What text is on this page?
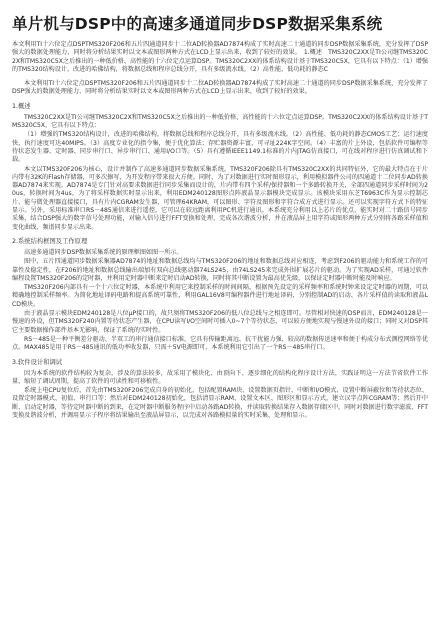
单片机与DSP中的高速多通道同步DSP数据采集系统

本文利用TI十六位定点DSPTMS320F206和五片四通道同步十二位AD转换器AD7874构成了实时高速二十通道的同步DSP数据采集系统，充分发挥了DSP强大的数据处理能力，同时将分析结果实时以文本或图形两种方式在LCD上显示出来，收到了较好的效果。　1.概述　TMS320C2XX是TI公司继TMS320C2X和TMS320C5X之后推出的一种低价格、高性能的十六位定点运算DSP。TMS320C2XX的体系结构设计基于TMS320C5X，它具有以下特点：（1）增强的TMS320结构设计，改进的哈佛结构，将数据总线和程序总线分开，具有多级流水线。（2）高性能、低功耗的静态C

本文利用TI十六位定点DSPTMS320F206和五片四通道同步十二位AD转换器AD7874构成了实时高速二十通道的同步DSP数据采集系统，充分发挥了DSP强大的数据处理能力，同时将分析结果实时以文本或图形两种方式在LCD上显示出来，收到了较好的效果。

1.概述

TMS320C2XX是TI公司继TMS320C2X和TMS320C5X之后推出的一种低价格、高性能的十六位定点运算DSP。TMS320C2XX的体系结构设计基于TMS320C5X，它具有以下特点：

（1）增强的TMS320结构设计，改进的哈佛结构，将数据总线和程序总线分开，具有多级流水线。（2）高性能、低功耗的静态CMOS工艺；运行速度快，执行速度可达40MIPS。（3）高度专业化的指令集，便于优化算法；存贮器资源丰富，可寻址224K字空间。（4）丰富的片上外设，包括软件可编程等待状态发生器、定时器、同步串行口、异步串行口、通用I/O口等。（5）具有遵循IEEE1149.1标准的片内JTAG仿真接口，可在线对程序进行仿真调试和下载。

本文以TMS320F206为核心，设计并制作了高速多通道同步数据采集系统。TMS320F206除具有TMS320C2XX的共同特征外，它的最大特点在于片内带有32K的Flash存储器，可多次擦写，为开发程序带来很大方便。同时，为了对数据进行实时图形显示，利用模拟器件公司的四通道十二位同步AD转换器AD7874来实现。AD7874是专门针对高要求数据进行同步采集而设计的，片内带有四个采样/保持器和一个多路转换开关，全部四通道同步采样时间为20us，转换时间为4us，为了将采样数据实时显示出来，利用EDM240128图形点阵液晶显示器模块完成显示。该模块采用东芝T6963C作为显示控制芯片，能与微处理器直接接口，具有片内CGRAM发生器，可管理64KRAM，可以图形、字符及图形和字符合成方式进行显示。还可以实现字符方式下的特征显示。另外，采用标准串口RS－485通信来进行遥控，它可以在较远距离利用PC机进行通讯。本系统充分利用以上芯片的优点，能实时对二十路信号同步采集，结合DSP强大的数字信号处理功能，对输入信号进行FFT变换和处理，完成各次谐波分析，并在液晶屏上用字符或图形两种方式分别将各路采样值和变化曲线、频谱同步显示出来。

2.系统结构框图及工作原理

高速多通道同步DSP数据采集系统的原理框图如图一所示。

图中，五片四通道同步数据采集器AD7874的地址和数据总线均与TMS320F206的地址和数据总线对应相连，考虑到F206的驱动能力和系统工作的可靠性及稳定性，在F206的地址和数据总线输出端加有双向总线驱动器74LS245，由74LS245来完成外围扩展芯片的驱动。为了实现AD采样，可通过软件编程设置TMS320F206的定时器，并利用定时器中断来定时启动AD转换，同时将其中断设置为最高优先级，以保证定时器中断时能及时响应。

TMS320F206内部具有一个十六位定时器，本系统中利用它来控制采样的时间间隔，根据预先设定的采样频率和系统时钟来设定定时器的周期，可以精确地控制采样频率。为简化地址译码电路和提高系统可靠性，利用GAL16V8可编程器件进行地址译码，分别控制AD的启动、各片采样值的读取和液晶LCD模块。

由于液晶显示模块EDM240128是八位μP接口的，故只须将TMS320F206的低八位总线与之相连即可。尽管相对快速的DSP而言，EDM240128是一慢速的外设，但TMS320F240内置等待状态产生器，在CPU读写I/O空间时可插入0~7个等待状态，可以较方便地实现与慢速外设的接口；同时又对DSP其它主要数据操作部件基本无影响，保证了系统的实时性。

RS－485是一种平衡差分驱动、半双工的串行通信接口标准，它具有传输距离远、抗干扰能力强、较高的数据传送速率和便于构成分布式测控网络等优点。MAX485是用于RS－485通讯的低功率收发器，只需＋5V电源即可，本系统利用它引出了一个RS－485串行口。

3.软件设计和调试

因为本系统的软件结构较为复杂，涉及的算法较多，故采用了模块化、由顶向下、逐步细化的结构化程序设计方法，实践证明这一方法节省软件工作量，缩短了调试周期，提高了软件的可读性和可移植性。

系统上电CPU复位后，首先由TMS320F206完成自身的初始化，包括配置RAM块、设置数据页指针、中断和I/O模式、设置中断屏蔽位和等待状态位、设置定时器模式、初值、串行口等；然后对EDM240128初始化，包括清显示RAM、设置文本区、图形区和显示方式，建立汉字点阵CGRAM等；然后开中断、启动定时器，等待定时器中断的到来，在定时器中断服务程序中启动各路AD转换，并读取转换结果存入数据存储区中，同时对数据进行数字滤波、FFT变换及谐波分析，并调用显示子程序将结果输出至液晶屏显示，以完成对各路模拟量的实时采集、处理和显示。
